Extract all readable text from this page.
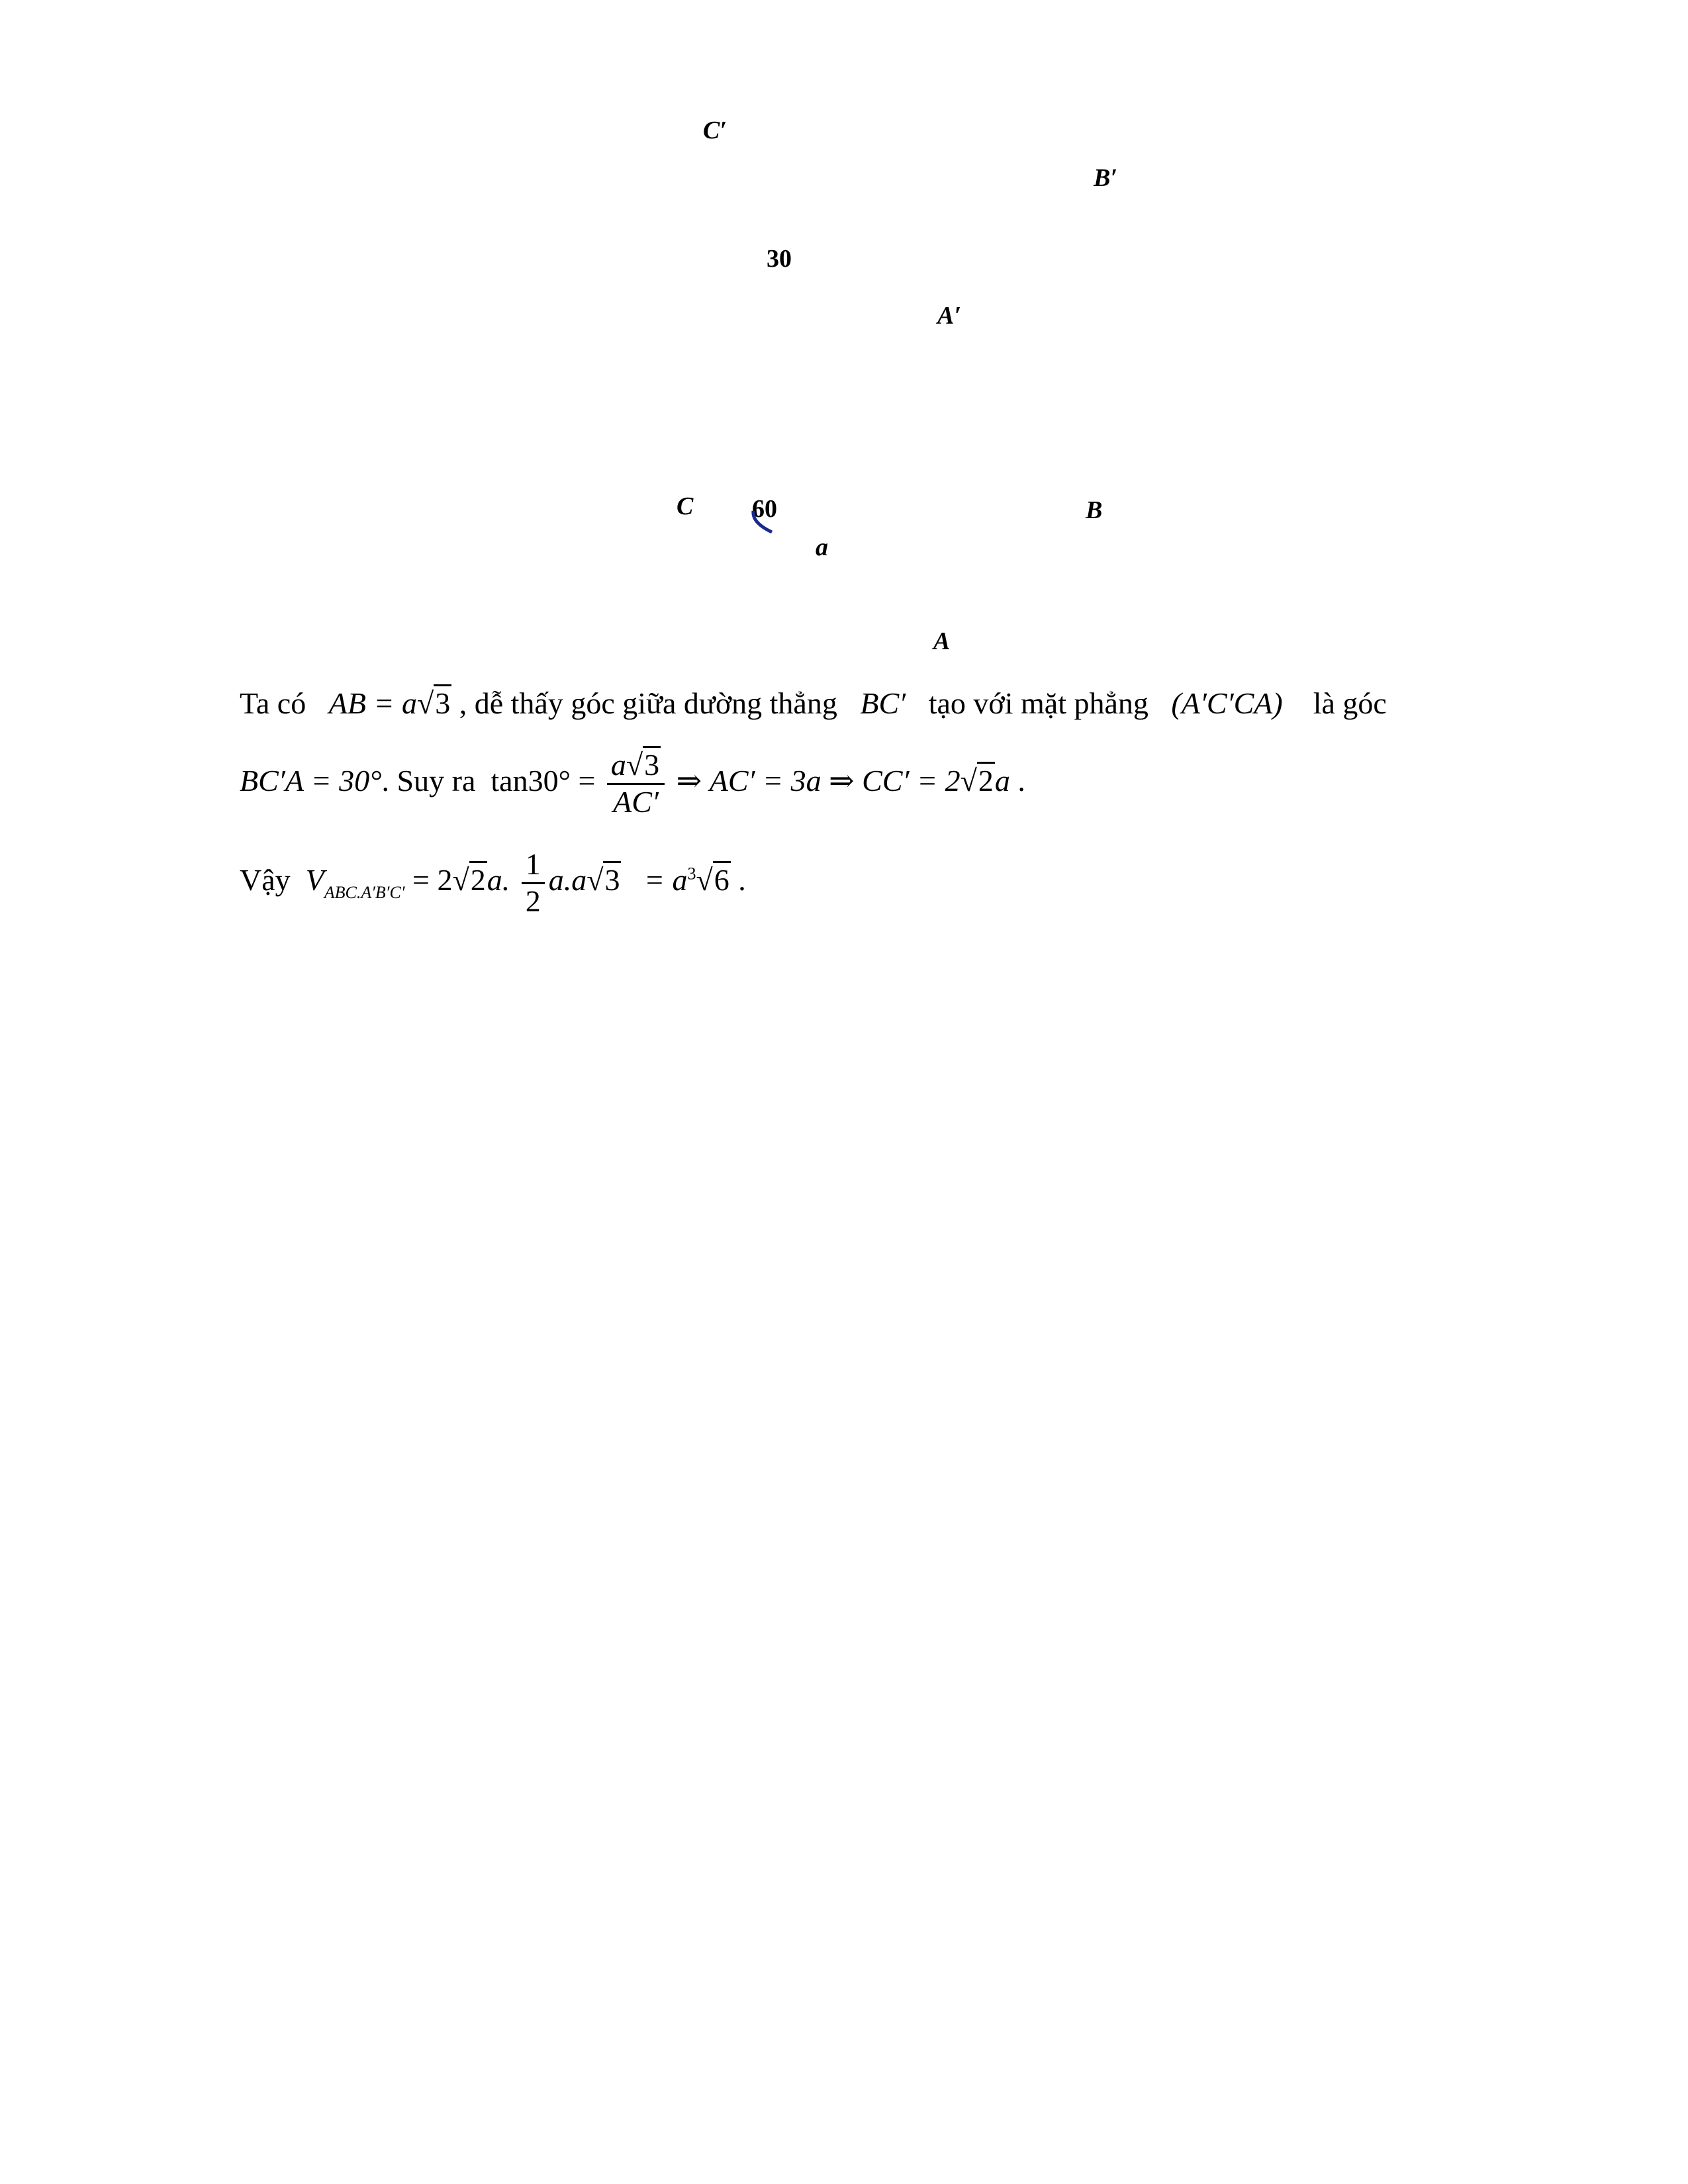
C′
B′
30
A′
C 60	B
a
A
Ta có AB = a√3 , dễ thấy góc giữa dường thẳng BC′ tạo với mặt phẳng (A′C′CA) là góc
BC′A = 30°. Suy ra $\tan 30^\circ = \frac{a√3}{AC'}$ ⇒ AC′ = 3a ⇒ CC′ = 2√2a .
Vậy $V_{ABC.A'B'C'} = 2√2a$. $\frac{1}{2} a.a√3 = a^3√6$ .
